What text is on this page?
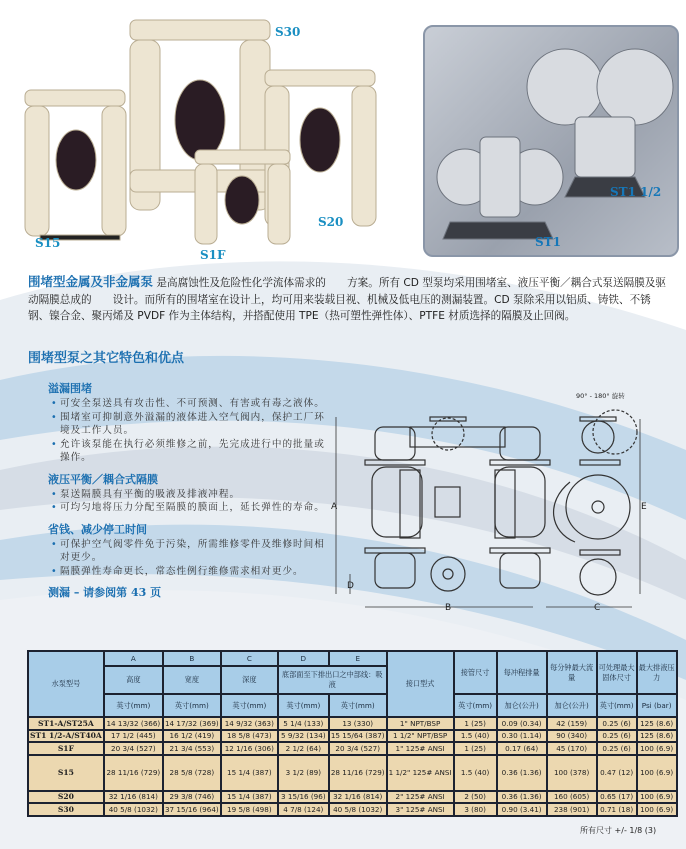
S30
S15
S1F
S20
ST1 1/2
ST1
围堵型金属及非金属泵 是高腐蚀性及危险性化学流体需求的　　方案。所有 CD 型泵均采用围堵室、液压平衡／耦合式泵送隔膜及驱动隔膜总成的　　设计。而所有的围堵室在设计上，均可用来装载目视、机械及低电压的测漏装置。CD 泵除采用以铝质、铸铁、不锈钢、镍合金、聚丙烯及 PVDF 作为主体结构，并搭配使用 TPE（热可塑性弹性体）、PTFE 材质选择的隔膜及止回阀。
围堵型泵之其它特色和优点
溢漏围堵
• 可安全泵送具有攻击性、不可预测、有害或有毒之液体。
• 围堵室可抑制意外溢漏的液体进入空气阀内，保护工厂环境及工作人员。
• 允许该泵能在执行必须维修之前，先完成进行中的批量或操作。
液压平衡／耦合式隔膜
• 泵送隔膜具有平衡的吸液及排液冲程。
• 可均匀地将压力分配至隔膜的膜面上，延长弹性的寿命。
省钱、减少停工时间
• 可保护空气阀零件免于污染，所需维修零件及维修时间相对更少。
• 隔膜弹性寿命更长，常态性例行维修需求相对更少。
测漏 – 请参阅第 43 页
A
B	C
D
E
90° - 180° 旋转
水泵型号	A	B	C	D	E	接口型式	接管尺寸	每冲程排量	每分钟最大流量	可处理最大固体尺寸	最大排液压力
	高度	宽度	深度	底部面至下排出口之中部线：吸液							
	英寸(mm)	英寸(mm)	英寸(mm)	英寸(mm)	英寸(mm)		英寸(mm)	加仑(公升)	加仑(公升)	英寸(mm)	Psi (bar)
ST1-A/ST25A	14 13/32 (366)	14 17/32 (369)	14 9/32 (363)	5 1/4 (133)	13 (330)	1" NPT/BSP	1 (25)	0.09 (0.34)	42 (159)	0.25 (6)	125 (8.6)
ST1 1/2-A/ST40A	17 1/2 (445)	16 1/2 (419)	18 5/8 (473)	5 9/32 (134)	15 15/64 (387)	1 1/2" NPT/BSP	1.5 (40)	0.30 (1.14)	90 (340)	0.25 (6)	125 (8.6)
S1F	20 3/4 (527)	21 3/4 (553)	12 1/16 (306)	2 1/2 (64)	20 3/4 (527)	1" 125# ANSI	1 (25)	0.17 (64)	45 (170)	0.25 (6)	100 (6.9)
S15	28 11/16 (729)	28 5/8 (728)	15 1/4 (387)	3 1/2 (89)	28 11/16 (729)	1 1/2" 125# ANSI	1.5 (40)	0.36 (1.36)	100 (378)	0.47 (12)	100 (6.9)
S20	32 1/16 (814)	29 3/8 (746)	15 1/4 (387)	3 15/16 (96)	32 1/16 (814)	2" 125# ANSI	2 (50)	0.36 (1.36)	160 (605)	0.65 (17)	100 (6.9)
S30	40 5/8 (1032)	37 15/16 (964)	19 5/8 (498)	4 7/8 (124)	40 5/8 (1032)	3" 125# ANSI	3 (80)	0.90 (3.41)	238 (901)	0.71 (18)	100 (6.9)
所有尺寸 +/- 1/8 (3)
